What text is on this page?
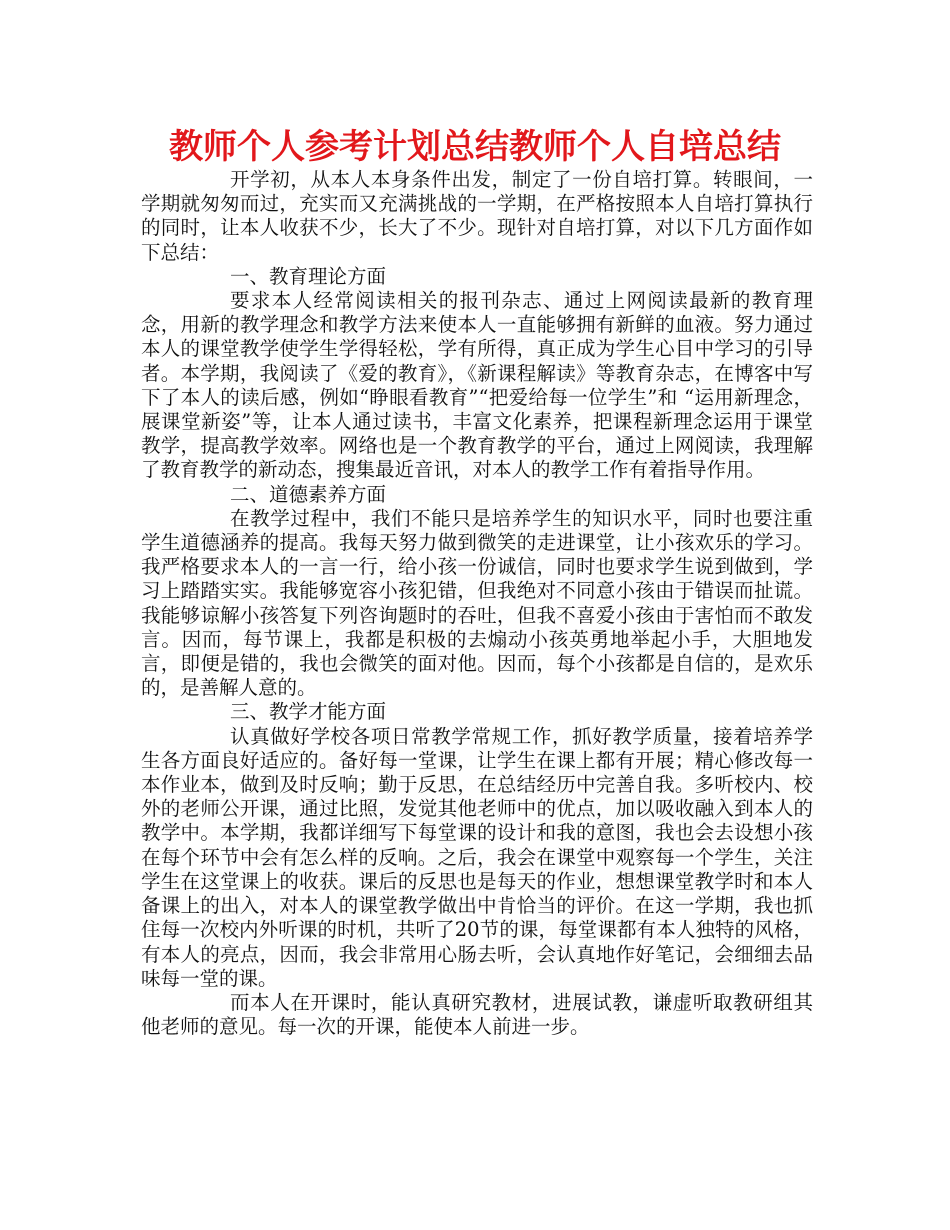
教师个人参考计划总结教师个人自培总结

开学初，从本人本身条件出发，制定了一份自培打算。转眼间，一学期就匆匆而过，充实而又充满挑战的一学期，在严格按照本人自培打算执行的同时，让本人收获不少，长大了不少。现针对自培打算，对以下几方面作如下总结：

一、教育理论方面

要求本人经常阅读相关的报刊杂志、通过上网阅读最新的教育理念，用新的教学理念和教学方法来使本人一直能够拥有新鲜的血液。努力通过本人的课堂教学使学生学得轻松，学有所得，真正成为学生心目中学习的引导者。本学期，我阅读了《爱的教育》，《新课程解读》等教育杂志，在博客中写下了本人的读后感，例如“睁眼看教育”“把爱给每一位学生”和 “运用新理念，展课堂新姿”等，让本人通过读书，丰富文化素养，把课程新理念运用于课堂教学，提高教学效率。网络也是一个教育教学的平台，通过上网阅读，我理解了教育教学的新动态，搜集最近音讯，对本人的教学工作有着指导作用。

二、道德素养方面

在教学过程中，我们不能只是培养学生的知识水平，同时也要注重学生道德涵养的提高。我每天努力做到微笑的走进课堂，让小孩欢乐的学习。我严格要求本人的一言一行，给小孩一份诚信，同时也要求学生说到做到，学习上踏踏实实。我能够宽容小孩犯错，但我绝对不同意小孩由于错误而扯谎。我能够谅解小孩答复下列咨询题时的吞吐，但我不喜爱小孩由于害怕而不敢发言。因而，每节课上，我都是积极的去煽动小孩英勇地举起小手，大胆地发言，即便是错的，我也会微笑的面对他。因而，每个小孩都是自信的，是欢乐的，是善解人意的。

三、教学才能方面

认真做好学校各项日常教学常规工作，抓好教学质量，接着培养学生各方面良好适应的。备好每一堂课，让学生在课上都有开展；精心修改每一本作业本，做到及时反响；勤于反思，在总结经历中完善自我。多听校内、校外的老师公开课，通过比照，发觉其他老师中的优点，加以吸收融入到本人的教学中。本学期，我都详细写下每堂课的设计和我的意图，我也会去设想小孩在每个环节中会有怎么样的反响。之后，我会在课堂中观察每一个学生，关注学生在这堂课上的收获。课后的反思也是每天的作业，想想课堂教学时和本人备课上的出入，对本人的课堂教学做出中肯恰当的评价。在这一学期，我也抓住每一次校内外听课的时机，共听了20节的课，每堂课都有本人独特的风格，有本人的亮点，因而，我会非常用心肠去听，会认真地作好笔记，会细细去品味每一堂的课。

而本人在开课时，能认真研究教材，进展试教，谦虚听取教研组其他老师的意见。每一次的开课，能使本人前进一步。
